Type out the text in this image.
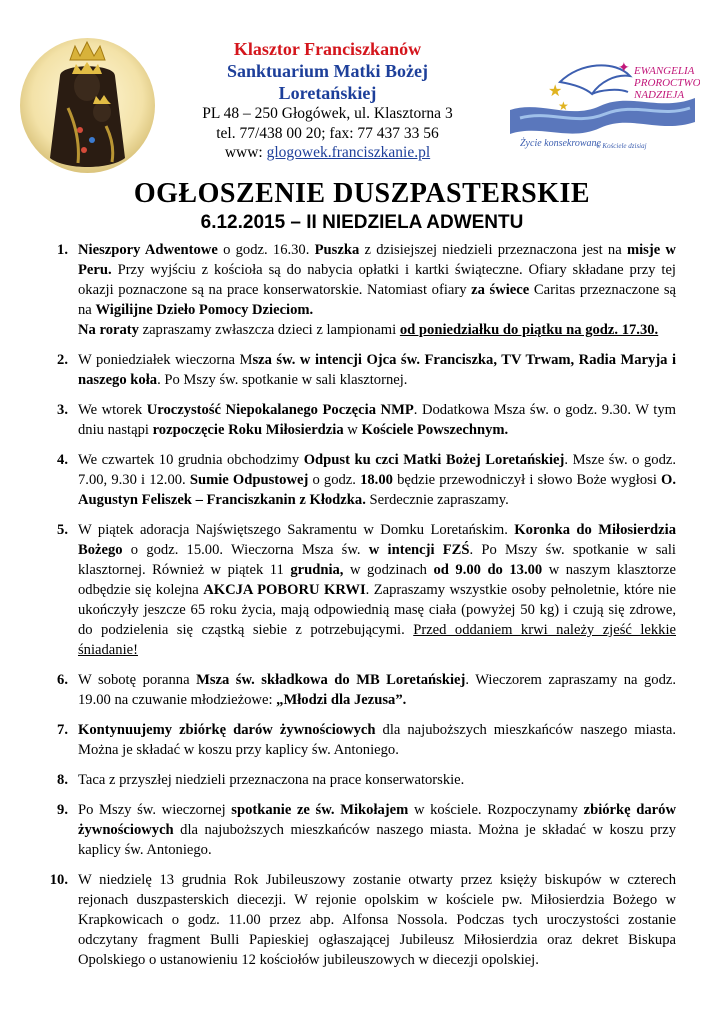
Klasztor Franciszkanów
Sanktuarium Matki Bożej
Loretańskiej
PL 48 – 250 Głogówek, ul. Klasztorna 3
tel. 77/438 00 20; fax: 77 437 33 56
www: glogowek.franciszkanie.pl
★
★
✦ EWANGELIA
PROROCTWO
NADZIEJA
Życie konsekrowane
w Kościele dzisiaj
OGŁOSZENIE DUSZPASTERSKIE
6.12.2015 – II NIEDZIELA ADWENTU
1. Nieszpory Adwentowe o godz. 16.30. Puszka z dzisiejszej niedzieli przeznaczona jest na misje w Peru. Przy wyjściu z kościoła są do nabycia opłatki i kartki świąteczne. Ofiary składane przy tej okazji poznaczone są na prace konserwatorskie. Natomiast ofiary za świece Caritas przeznaczone są na Wigilijne Dzieło Pomocy Dzieciom.
Na roraty zapraszamy zwłaszcza dzieci z lampionami od poniedziałku do piątku na godz. 17.30.
2. W poniedziałek wieczorna Msza św. w intencji Ojca św. Franciszka, TV Trwam, Radia Maryja i naszego koła. Po Mszy św. spotkanie w sali klasztornej.
3. We wtorek Uroczystość Niepokalanego Poczęcia NMP. Dodatkowa Msza św. o godz. 9.30. W tym dniu nastąpi rozpoczęcie Roku Miłosierdzia w Kościele Powszechnym.
4. We czwartek 10 grudnia obchodzimy Odpust ku czci Matki Bożej Loretańskiej. Msze św. o godz. 7.00, 9.30 i 12.00. Sumie Odpustowej o godz. 18.00 będzie przewodniczył i słowo Boże wygłosi O. Augustyn Feliszek – Franciszkanin z Kłodzka. Serdecznie zapraszamy.
5. W piątek adoracja Najświętszego Sakramentu w Domku Loretańskim. Koronka do Miłosierdzia Bożego o godz. 15.00. Wieczorna Msza św. w intencji FZŚ. Po Mszy św. spotkanie w sali klasztornej. Również w piątek 11 grudnia, w godzinach od 9.00 do 13.00 w naszym klasztorze odbędzie się kolejna AKCJA POBORU KRWI. Zapraszamy wszystkie osoby pełnoletnie, które nie ukończyły jeszcze 65 roku życia, mają odpowiednią masę ciała (powyżej 50 kg) i czują się zdrowe, do podzielenia się cząstką siebie z potrzebującymi. Przed oddaniem krwi należy zjeść lekkie śniadanie!
6. W sobotę poranna Msza św. składkowa do MB Loretańskiej. Wieczorem zapraszamy na godz. 19.00 na czuwanie młodzieżowe: „Młodzi dla Jezusa”.
7. Kontynuujemy zbiórkę darów żywnościowych dla najuboższych mieszkańców naszego miasta. Można je składać w koszu przy kaplicy św. Antoniego.
8. Taca z przyszłej niedzieli przeznaczona na prace konserwatorskie.
9. Po Mszy św. wieczornej spotkanie ze św. Mikołajem w kościele. Rozpoczynamy zbiórkę darów żywnościowych dla najuboższych mieszkańców naszego miasta. Można je składać w koszu przy kaplicy św. Antoniego.
10. W niedzielę 13 grudnia Rok Jubileuszowy zostanie otwarty przez księży biskupów w czterech rejonach duszpasterskich diecezji. W rejonie opolskim w kościele pw. Miłosierdzia Bożego w Krapkowicach o godz. 11.00 przez abp. Alfonsa Nossola. Podczas tych uroczystości zostanie odczytany fragment Bulli Papieskiej ogłaszającej Jubileusz Miłosierdzia oraz dekret Biskupa Opolskiego o ustanowieniu 12 kościołów jubileuszowych w diecezji opolskiej.
